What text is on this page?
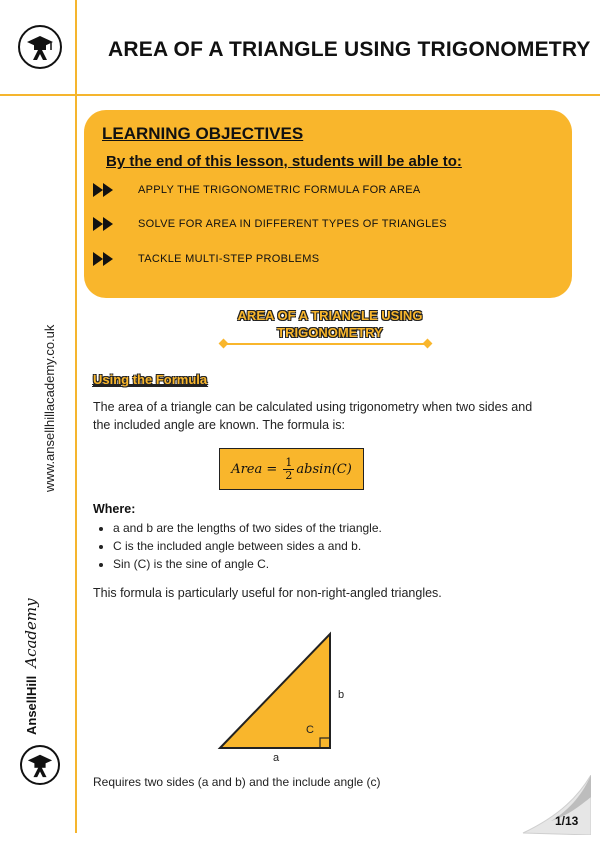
AREA OF A TRIANGLE USING TRIGONOMETRY
www.ansellhillacademy.co.uk
AnsellHill
Academy
LEARNING OBJECTIVES
By the end of this lesson, students will be able to:
APPLY THE TRIGONOMETRIC FORMULA FOR AREA
SOLVE FOR AREA IN DIFFERENT TYPES OF TRIANGLES
TACKLE MULTI-STEP PROBLEMS
AREA OF A TRIANGLE USING
TRIGONOMETRY
Using the Formula
The area of a triangle can be calculated using trigonometry when two sides and
the included angle are known. The formula is:
Area = $\frac{1}{2} absin(C)$
Where:
• a and b are the lengths of two sides of the triangle.
• C is the included angle between sides a and b.
• Sin (C) is the sine of angle C.
This formula is particularly useful for non-right-angled triangles.
b
C
a
Requires two sides (a and b) and the include angle (c)
1/13
